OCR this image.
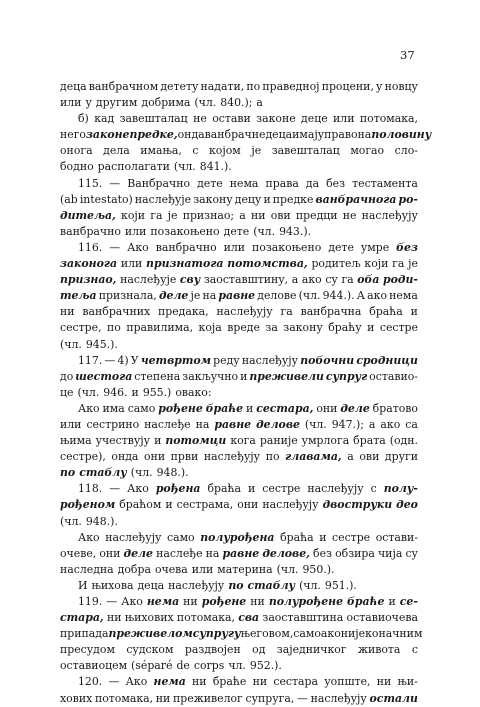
37
деца ванбрачном детету надати, по праведној процени, у новцу
или у другим добрима (чл. 840.); а
б) кад завешталац не остави законе деце или потомака,
него законе предке, онда ванбрачне деца имају право на половину
оногa дела имања, с којом је завешталац могао сло-
бодно располагати (чл. 841.).
115. — Ванбрачно дете нема права да без тестамента
(ab intestato) наслеђује закону децу и предке ванбрачнога ро-
дитеља, који га је признао; а ни ови предци не наслеђују
ванбрачно или позакоњено дете (чл. 943.).
116. — Ако ванбрачно или позакоњено дете умре без
законога или признатога потомства, родитељ који га је
признао, наслеђује сву заоставштину, а ако су га оба роди-
теља признала, деле је на равне делове (чл. 944.). А ако нема
ни ванбрачних предака, наслеђују га ванбрачна браћа и
сестре, по правилима, која вреде за закону браћу и сестре
(чл. 945.).
117. — 4) У четвртом реду наслеђују побочни сродници
до шестога степена закључно и преживели супруг оставио-
це (чл. 946. и 955.) овако:
Ако има само рођене браће и сестара, они деле братово
или сестрино наслеђе на равне делове (чл. 947.); а ако са
њима учествују и потомци кога раније умрлога брата (одн.
сестре), онда они први наслеђују по главама, а ови други
по стаблу (чл. 948.).
118. — Ако рођена браћа и сестре наслеђују с полу-
рођеном браћом и сестрама, они наслеђују двоструки део
(чл. 948.).
Ако наслеђују само полурођена браћа и сестре остави-
очеве, они деле наслеђе на равне делове, без обзира чија су
наследна добра очева или материна (чл. 950.).
И њихова деца наслеђују по стаблу (чл. 951.).
119. — Ако нема ни рођене ни полурођене браће и се-
стара, ни њихових потомака, сва заоставштина оставиочева
припада преживелом супругу његовом, само ако није коначним
пресудом судском раздвојен од заједничког живота с
оставиоцем (séparé de corps чл. 952.).
120. — Ако нема ни браће ни сестара уопште, ни њи-
хових потомака, ни преживелог супруга, — наслеђују остали
